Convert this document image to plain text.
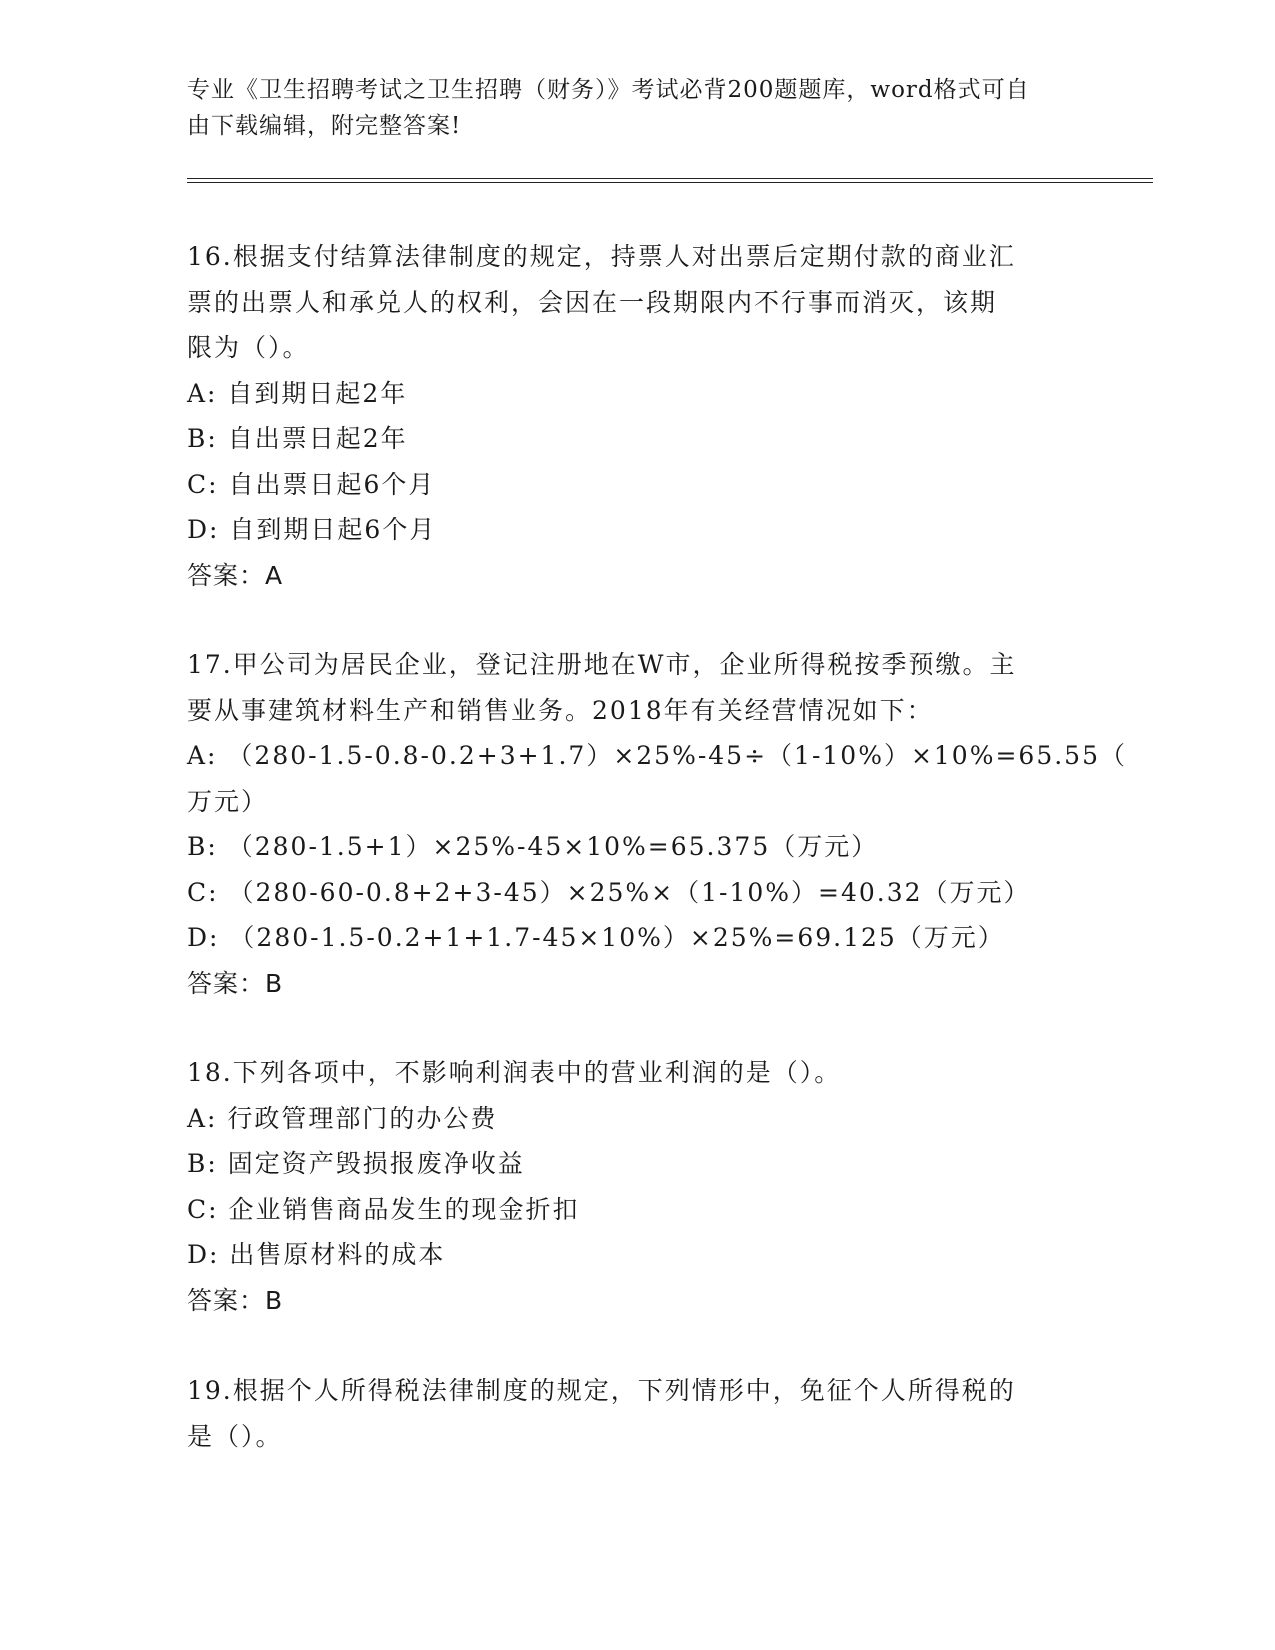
专业《卫生招聘考试之卫生招聘（财务）》考试必背200题题库，word格式可自
由下载编辑，附完整答案!
16.根据支付结算法律制度的规定，持票人对出票后定期付款的商业汇
票的出票人和承兑人的权利，会因在一段期限内不行事而消灭，该期
限为（）。
A: 自到期日起2年
B: 自出票日起2年
C: 自出票日起6个月
D: 自到期日起6个月
答案：A
17.甲公司为居民企业，登记注册地在W市，企业所得税按季预缴。主
要从事建筑材料生产和销售业务。2018年有关经营情况如下：
A: （280-1.5-0.8-0.2+3+1.7）×25%-45÷（1-10%）×10%=65.55（
万元）
B: （280-1.5+1）×25%-45×10%=65.375（万元）
C: （280-60-0.8+2+3-45）×25%×（1-10%）=40.32（万元）
D: （280-1.5-0.2+1+1.7-45×10%）×25%=69.125（万元）
答案：B
18.下列各项中，不影响利润表中的营业利润的是（）。
A: 行政管理部门的办公费
B: 固定资产毁损报废净收益
C: 企业销售商品发生的现金折扣
D: 出售原材料的成本
答案：B
19.根据个人所得税法律制度的规定，下列情形中，免征个人所得税的
是（）。
